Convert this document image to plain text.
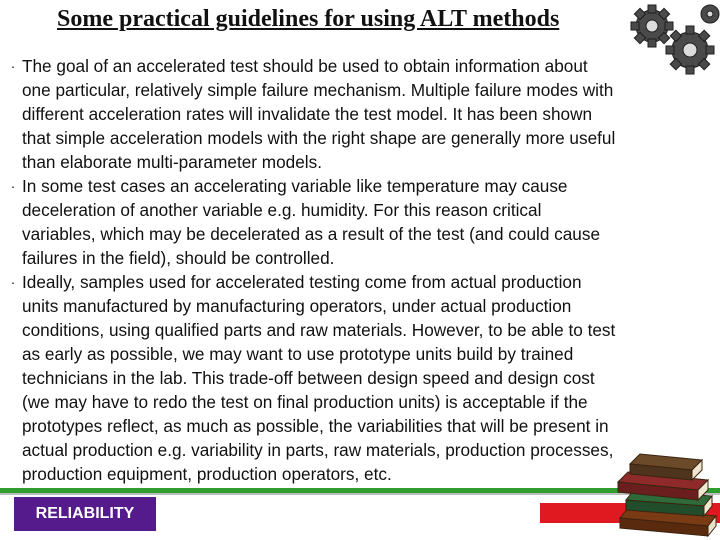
Some practical guidelines for using ALT methods
· The goal of an accelerated test should be used to obtain information about
one particular, relatively simple failure mechanism. Multiple failure modes with
different acceleration rates will invalidate the test model. It has been shown
that simple acceleration models with the right shape are generally more useful
than elaborate multi-parameter models.
· In some test cases an accelerating variable like temperature may cause
deceleration of another variable e.g. humidity. For this reason critical
variables, which may be decelerated as a result of the test (and could cause
failures in the field), should be controlled.
· Ideally, samples used for accelerated testing come from actual production
units manufactured by manufacturing operators, under actual production
conditions, using qualified parts and raw materials. However, to be able to test
as early as possible, we may want to use prototype units build by trained
technicians in the lab. This trade-off between design speed and design cost
(we may have to redo the test on final production units) is acceptable if the
prototypes reflect, as much as possible, the variabilities that will be present in
actual production e.g. variability in parts, raw materials, production processes,
production equipment, production operators, etc.
RELIABILITY
